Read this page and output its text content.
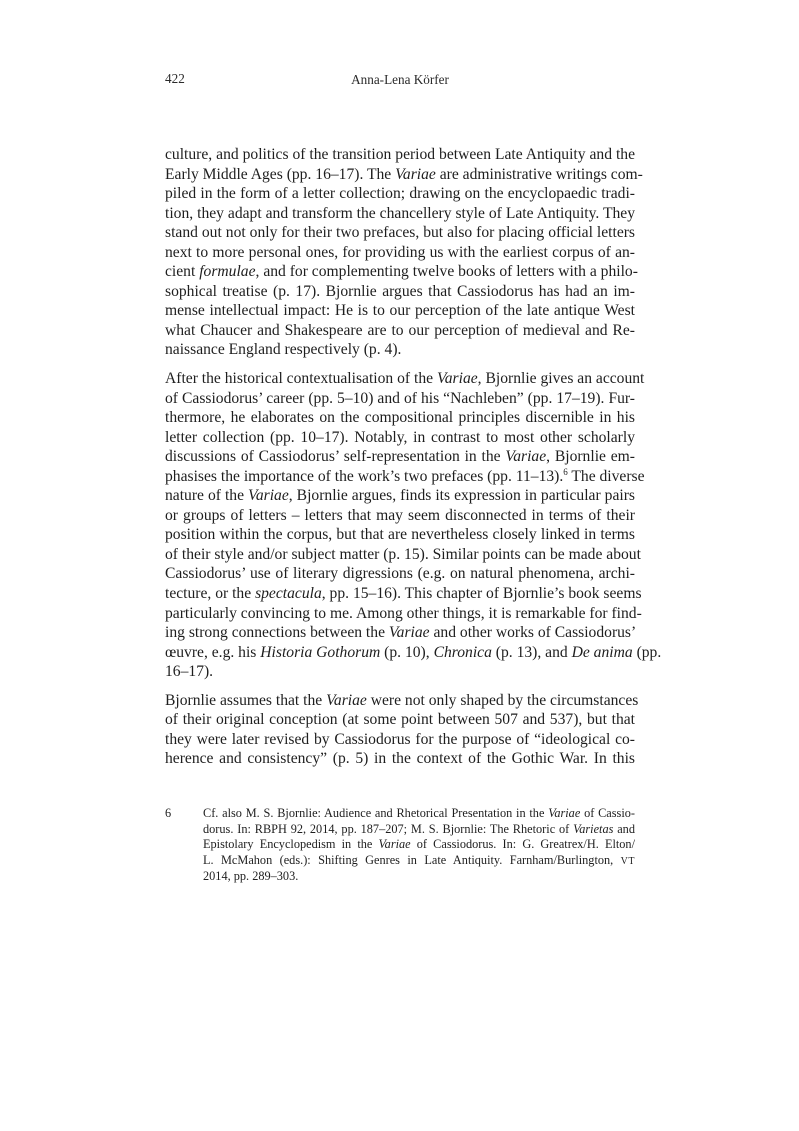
422	Anna-Lena Körfer

culture, and politics of the transition period between Late Antiquity and the
Early Middle Ages (pp. 16–17). The Variae are administrative writings com-
piled in the form of a letter collection; drawing on the encyclopaedic tradi-
tion, they adapt and transform the chancellery style of Late Antiquity. They
stand out not only for their two prefaces, but also for placing official letters
next to more personal ones, for providing us with the earliest corpus of an-
cient formulae, and for complementing twelve books of letters with a philo-
sophical treatise (p. 17). Bjornlie argues that Cassiodorus has had an im-
mense intellectual impact: He is to our perception of the late antique West
what Chaucer and Shakespeare are to our perception of medieval and Re-
naissance England respectively (p. 4).

After the historical contextualisation of the Variae, Bjornlie gives an account
of Cassiodorus’ career (pp. 5–10) and of his “Nachleben” (pp. 17–19). Fur-
thermore, he elaborates on the compositional principles discernible in his
letter collection (pp. 10–17). Notably, in contrast to most other scholarly
discussions of Cassiodorus’ self-representation in the Variae, Bjornlie em-
phasises the importance of the work’s two prefaces (pp. 11–13).$^6$ The diverse
nature of the Variae, Bjornlie argues, finds its expression in particular pairs
or groups of letters – letters that may seem disconnected in terms of their
position within the corpus, but that are nevertheless closely linked in terms
of their style and/or subject matter (p. 15). Similar points can be made about
Cassiodorus’ use of literary digressions (e.g. on natural phenomena, archi-
tecture, or the spectacula, pp. 15–16). This chapter of Bjornlie’s book seems
particularly convincing to me. Among other things, it is remarkable for find-
ing strong connections between the Variae and other works of Cassiodorus’
œuvre, e.g. his Historia Gothorum (p. 10), Chronica (p. 13), and De anima (pp.
16–17).

Bjornlie assumes that the Variae were not only shaped by the circumstances
of their original conception (at some point between 507 and 537), but that
they were later revised by Cassiodorus for the purpose of “ideological co-
herence and consistency” (p. 5) in the context of the Gothic War. In this

6	Cf. also M. S. Bjornlie: Audience and Rhetorical Presentation in the Variae of Cassio-
dorus. In: RBPH 92, 2014, pp. 187–207; M. S. Bjornlie: The Rhetoric of Varietas and
Epistolary Encyclopedism in the Variae of Cassiodorus. In: G. Greatrex/H. Elton/
L. McMahon (eds.): Shifting Genres in Late Antiquity. Farnham/Burlington, VT
2014, pp. 289–303.
